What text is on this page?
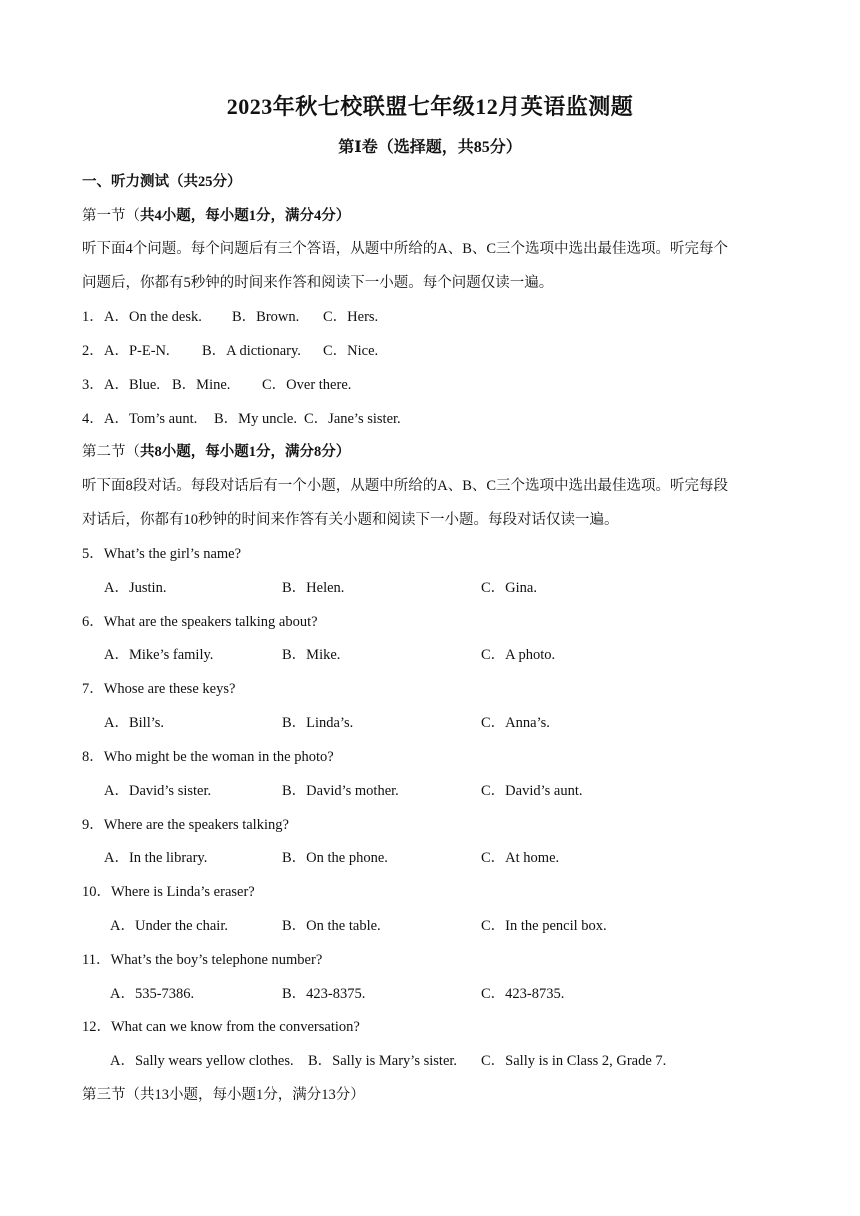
2023年秋七校联盟七年级12月英语监测题
第Ⅰ卷（选择题，共85分）
一、听力测试（共25分）
第一节（共4小题，每小题1分，满分4分）
听下面4个问题。每个问题后有三个答语，从题中所给的A、B、C三个选项中选出最佳选项。听完每个
问题后，你都有5秒钟的时间来作答和阅读下一小题。每个问题仅读一遍。
1． A．On the desk. B．Brown. C．Hers.
2． A．P-E-N. B．A dictionary. C．Nice.
3． A．Blue. B．Mine. C．Over there.
4． A．Tom’s aunt. B．My uncle. C．Jane’s sister.
第二节（共8小题，每小题1分，满分8分）
听下面8段对话。每段对话后有一个小题，从题中所给的A、B、C三个选项中选出最佳选项。听完每段
对话后，你都有10秒钟的时间来作答有关小题和阅读下一小题。每段对话仅读一遍。
5．What’s the girl’s name?
A．Justin.	B．Helen.	C．Gina.
6．What are the speakers talking about?
A．Mike’s family.	B．Mike.	C．A photo.
7．Whose are these keys?
A．Bill’s.	B．Linda’s.	C．Anna’s.
8．Who might be the woman in the photo?
A．David’s sister.	B．David’s mother.	C．David’s aunt.
9．Where are the speakers talking?
A．In the library.	B．On the phone.	C．At home.
10．Where is Linda’s eraser?
A．Under the chair.	B．On the table.	C．In the pencil box.
11．What’s the boy’s telephone number?
A．535-7386.	B．423-8375.	C．423-8735.
12．What can we know from the conversation?
A．Sally wears yellow clothes. B．Sally is Mary’s sister. C．Sally is in Class 2, Grade 7.
第三节（共13小题，每小题1分，满分13分）
